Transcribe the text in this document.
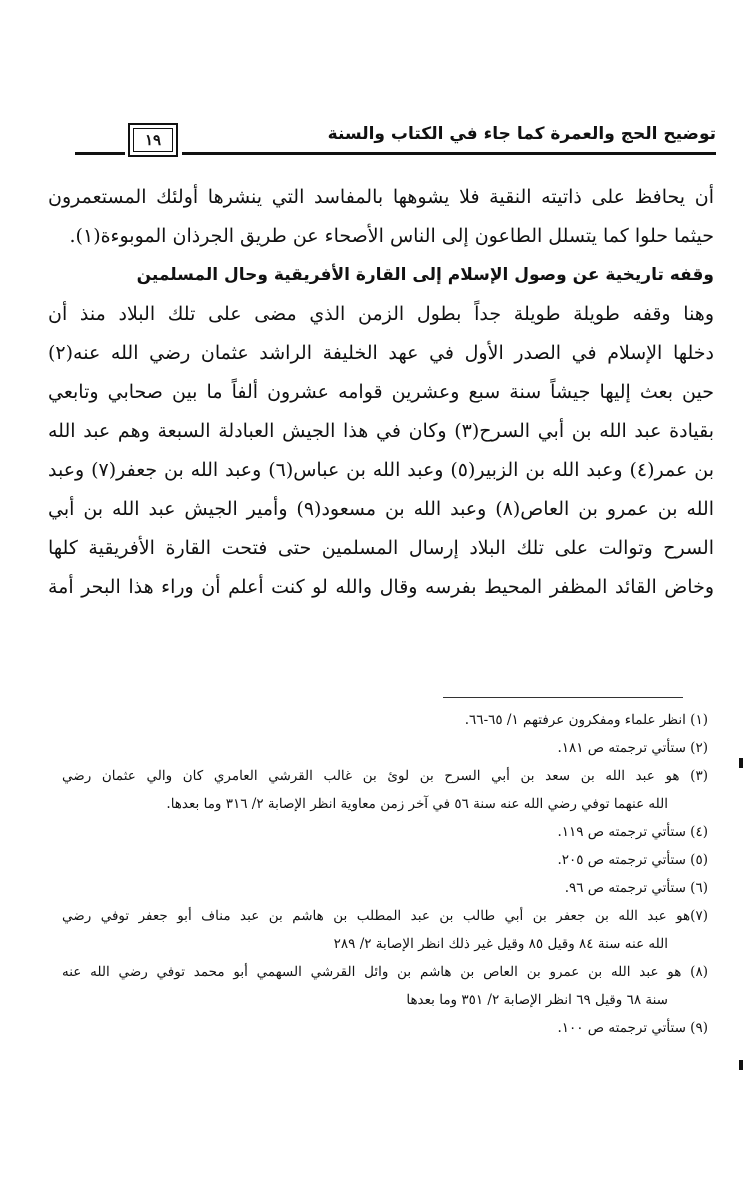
توضيح الحج والعمرة كما جاء في الكتاب والسنة
١٩
أن يحافظ على ذاتيته النقية فلا يشوهها بالمفاسد التي ينشرها أولئك المستعمرون
حيثما حلوا كما يتسلل الطاعون إلى الناس الأصحاء عن طريق الجرذان الموبوءة(١).
وقفه تاريخية عن وصول الإسلام إلى القارة الأفريقية وحال المسلمين
وهنا وقفه طويلة طويلة جداً بطول الزمن الذي مضى على تلك البلاد منذ أن
دخلها الإسلام في الصدر الأول في عهد الخليفة الراشد عثمان رضي الله عنه(٢)
حين بعث إليها جيشاً سنة سبع وعشرين قوامه عشرون ألفاً ما بين صحابي وتابعي
بقيادة عبد الله بن أبي السرح(٣) وكان في هذا الجيش العبادلة السبعة وهم عبد الله
بن عمر(٤) وعبد الله بن الزبير(٥) وعبد الله بن عباس(٦) وعبد الله بن جعفر(٧) وعبد
الله بن عمرو بن العاص(٨) وعبد الله بن مسعود(٩) وأمير الجيش عبد الله بن أبي
السرح وتوالت على تلك البلاد إرسال المسلمين حتى فتحت القارة الأفريقية كلها
وخاض القائد المظفر المحيط بفرسه وقال والله لو كنت أعلم أن وراء هذا البحر أمة
(١) انظر علماء ومفكرون عرفتهم ١/ ٦٥-٦٦.
(٢) ستأتي ترجمته ص ١٨١.
(٣) هو عبد الله بن سعد بن أبي السرح بن لوئ بن غالب القرشي العامري كان والي عثمان رضي
الله عنهما توفي رضي الله عنه سنة ٥٦ في آخر زمن معاوية انظر الإصابة ٢/ ٣١٦ وما بعدها.
(٤) ستأتي ترجمته ص ١١٩.
(٥) ستأتي ترجمته ص ٢٠٥.
(٦) ستأتي ترجمته ص ٩٦.
(٧)هو عبد الله بن جعفر بن أبي طالب بن عبد المطلب بن هاشم بن عبد مناف أبو جعفر توفي رضي
الله عنه سنة ٨٤ وقيل ٨٥ وقيل غير ذلك انظر الإصابة ٢/ ٢٨٩
(٨) هو عبد الله بن عمرو بن العاص بن هاشم بن وائل القرشي السهمي أبو محمد توفي رضي الله عنه
سنة ٦٨ وقيل ٦٩ انظر الإصابة ٢/ ٣٥١ وما بعدها
(٩) ستأتي ترجمته ص ١٠٠.
